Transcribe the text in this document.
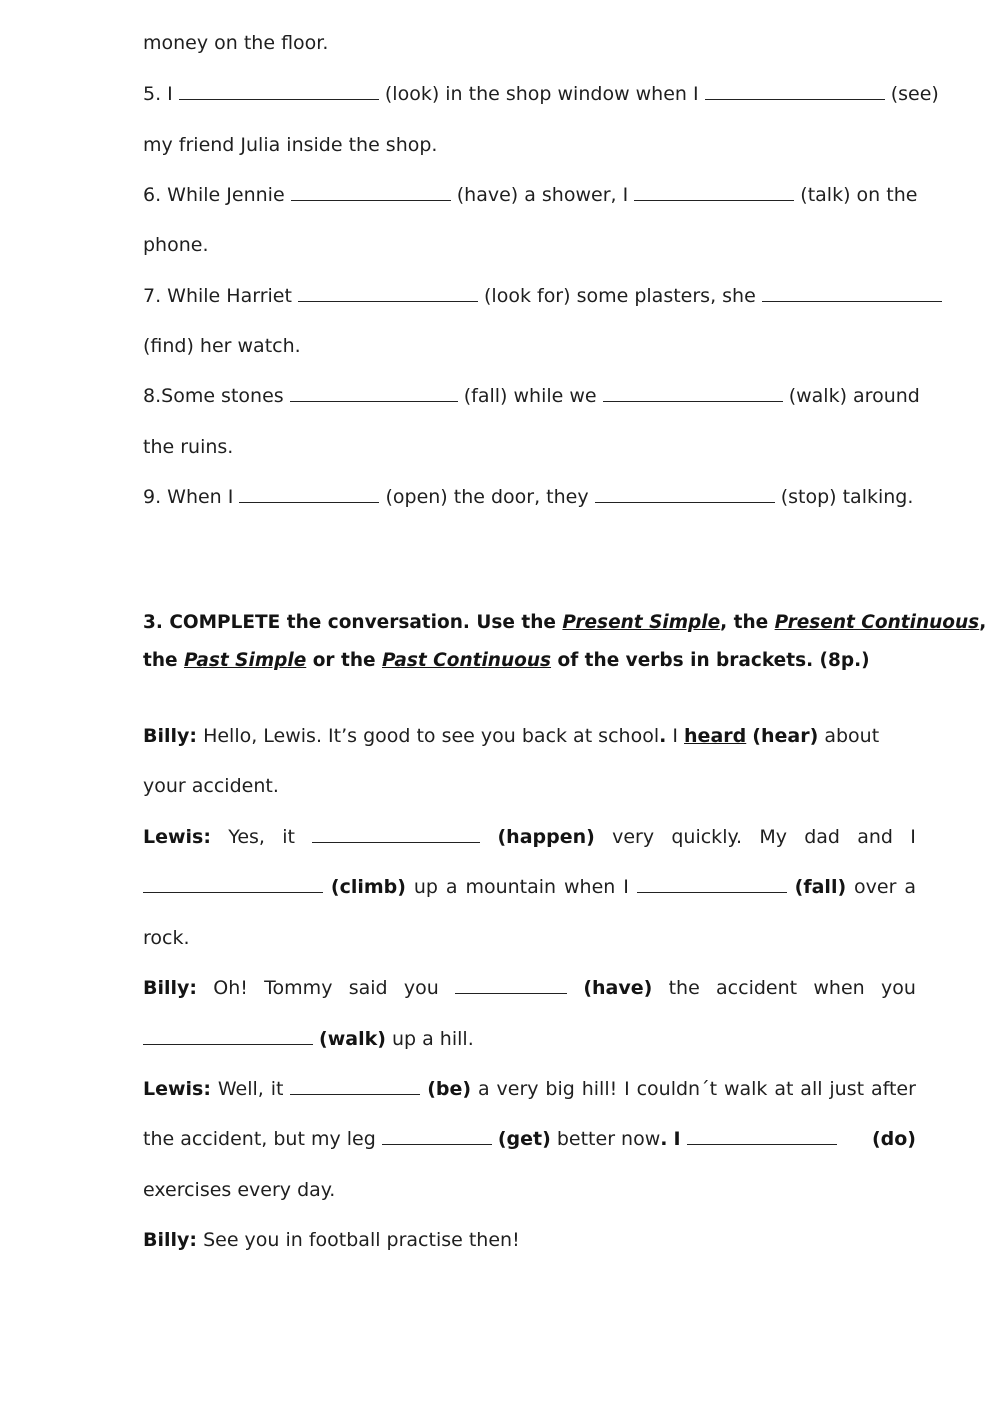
money on the floor.
5. I	(look) in the shop window when I	(see)
my friend Julia inside the shop.
6. While Jennie	(have) a shower, I	(talk) on the
phone.
7. While Harriet	(look for) some plasters, she
(find) her watch.
8.Some stones	(fall) while we	(walk) around
the ruins.
9. When I	(open) the door, they	(stop) talking.
3. COMPLETE the conversation. Use the Present Simple, the Present Continuous,
the Past Simple or the Past Continuous of the verbs in brackets. (8p.)
Billy: Hello, Lewis. It’s good to see you back at school. I heard (hear) about
your accident.
Lewis: Yes, it	(happen) very quickly. My dad and I
(climb) up a mountain when I	(fall) over a
rock.
Billy: Oh! Tommy said you	(have) the accident when you
(walk) up a hill.
Lewis: Well, it	(be) a very big hill! I couldn´t walk at all just after
the accident, but my leg	(get) better now. I	(do)
exercises every day.
Billy: See you in football practise then!
